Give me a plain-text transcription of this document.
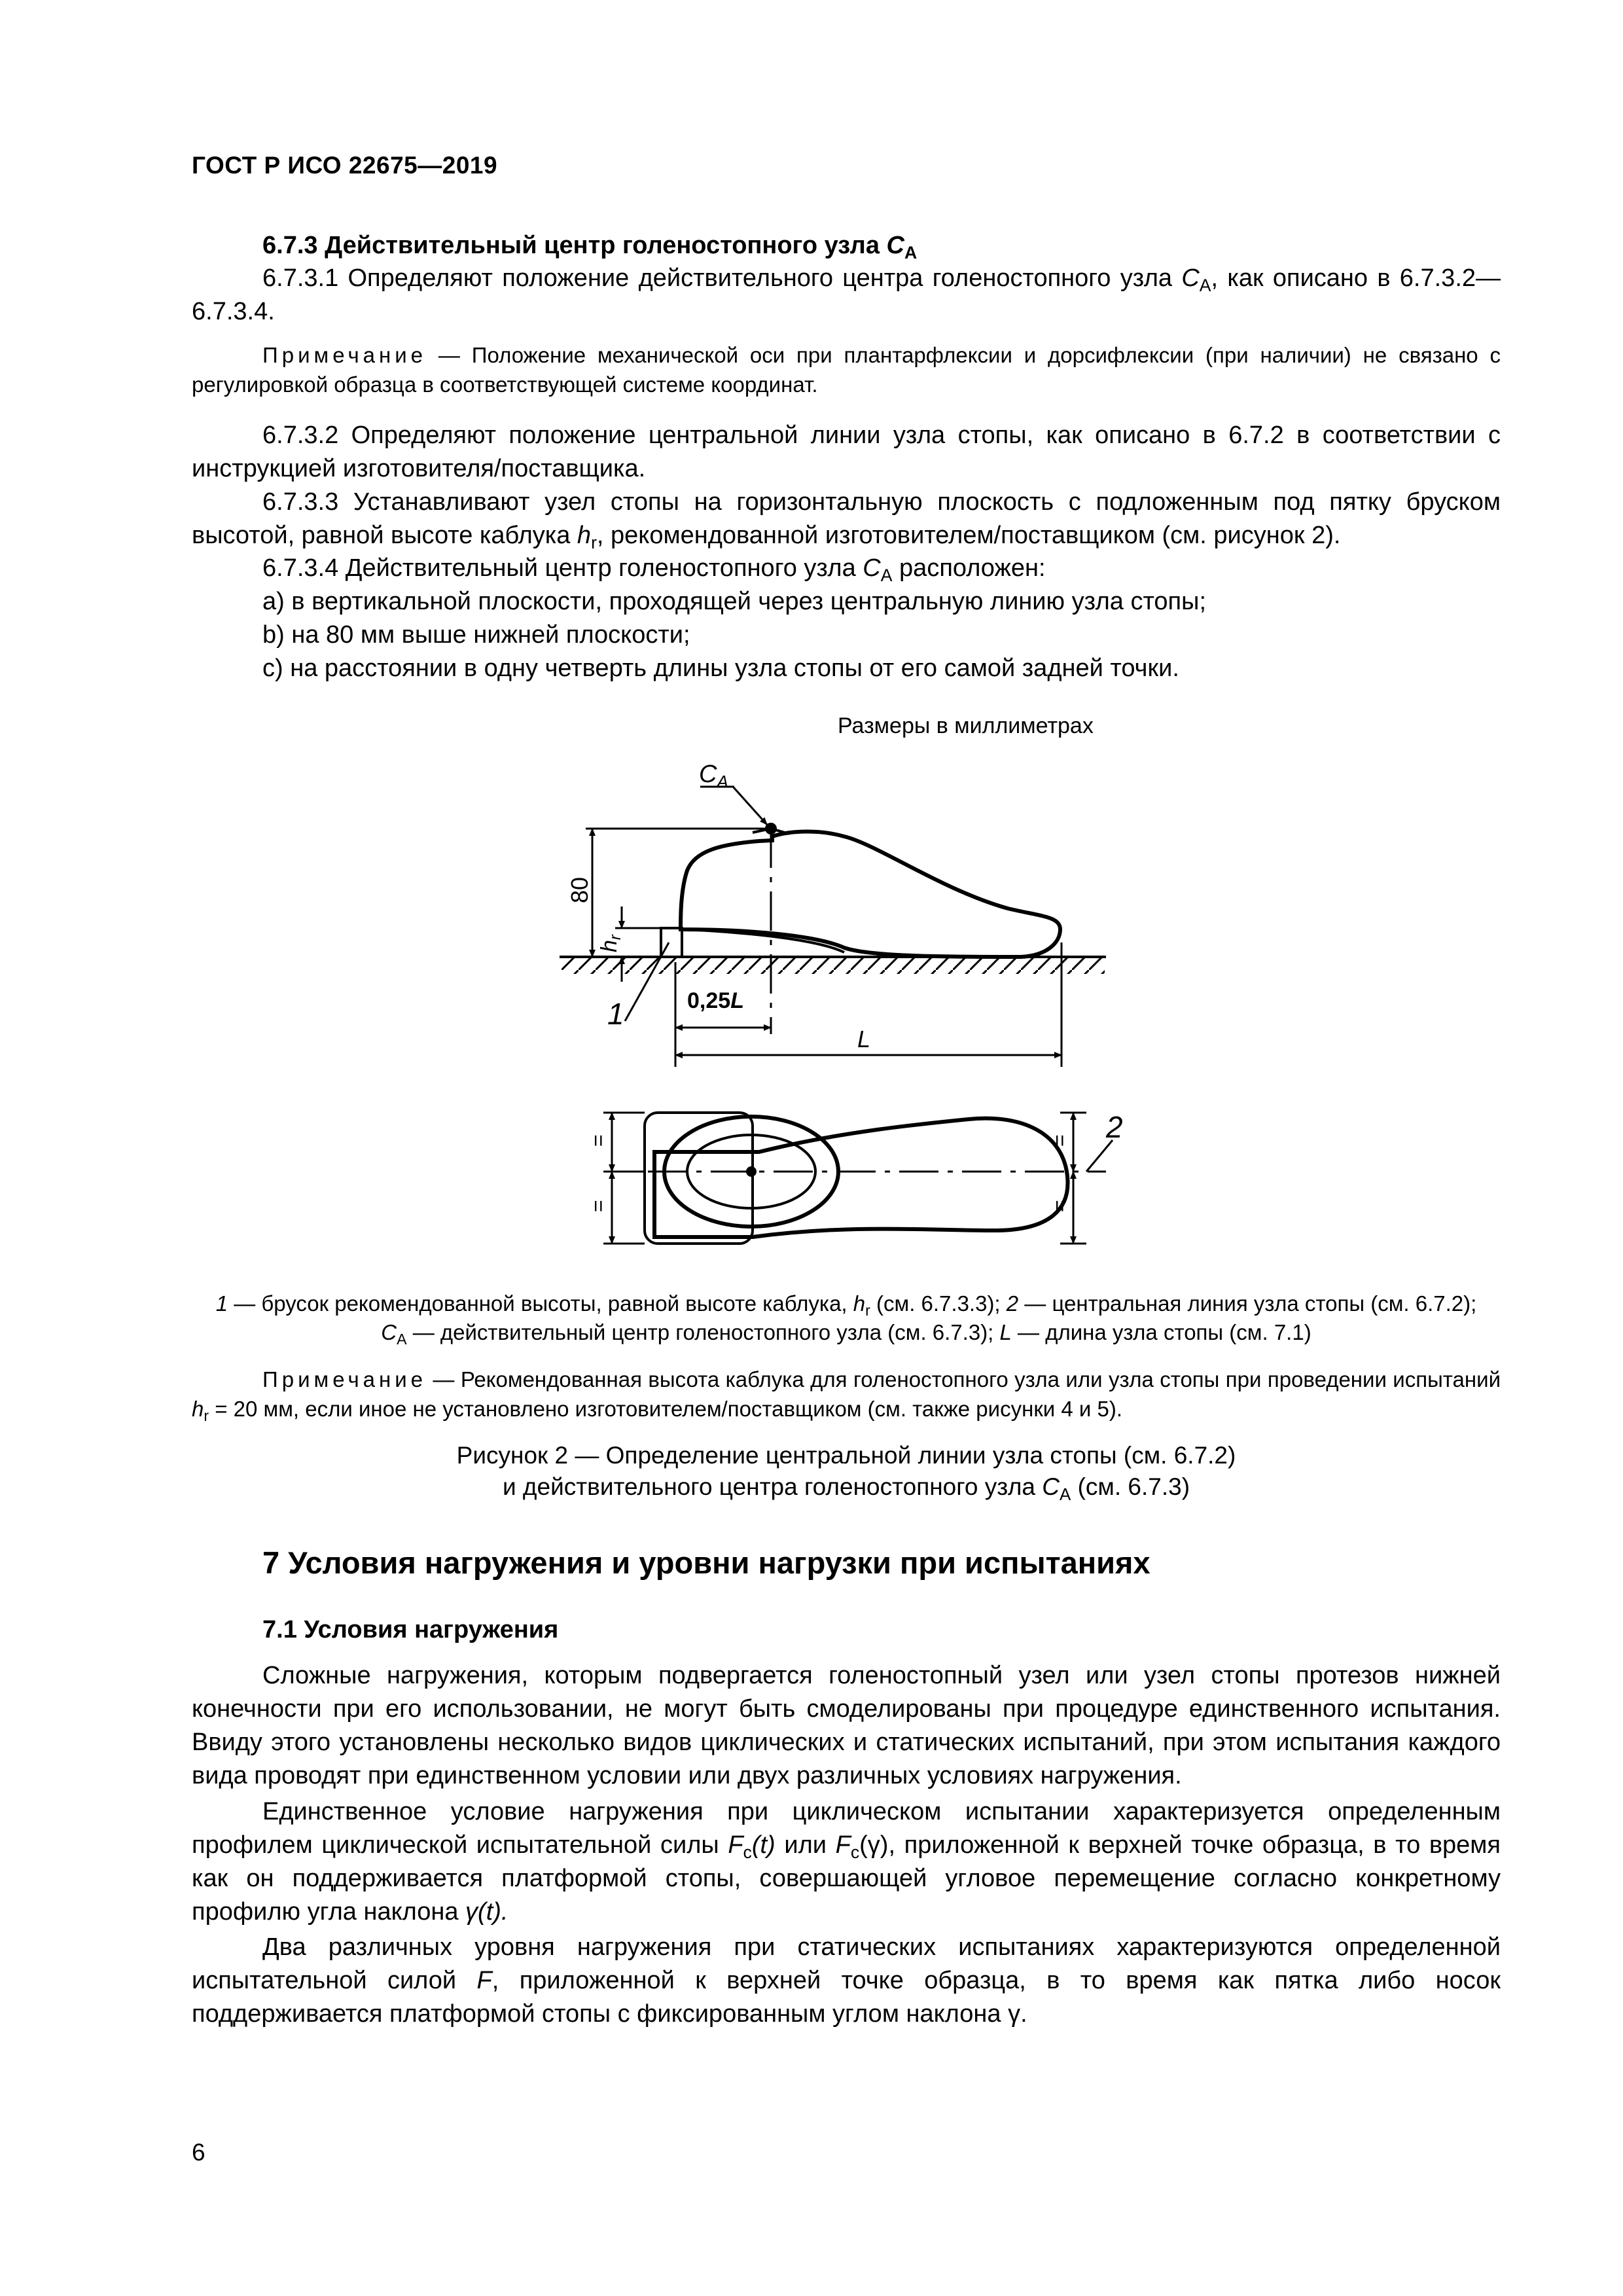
ГОСТ Р ИСО 22675—2019
6.7.3 Действительный центр голеностопного узла $C_A$
6.7.3.1 Определяют положение действительного центра голеностопного узла $C_A$, как описано в 6.7.3.2—6.7.3.4.
Примечание — Положение механической оси при плантарфлексии и дорсифлексии (при наличии) не связано с регулировкой образца в соответствующей системе координат.
6.7.3.2 Определяют положение центральной линии узла стопы, как описано в 6.7.2 в соответствии с инструкцией изготовителя/поставщика.
6.7.3.3 Устанавливают узел стопы на горизонтальную плоскость с подложенным под пятку бруском высотой, равной высоте каблука $h_r$, рекомендованной изготовителем/поставщиком (см. рисунок 2).
6.7.3.4 Действительный центр голеностопного узла $C_A$ расположен:
a) в вертикальной плоскости, проходящей через центральную линию узла стопы;
b) на 80 мм выше нижней плоскости;
c) на расстоянии в одну четверть длины узла стопы от его самой задней точки.
Размеры в миллиметрах
$C_A$
80
hr
1	0,25L
L
=
=
=
=
2
1 — брусок рекомендованной высоты, равной высоте каблука, $h_r$ (см. 6.7.3.3); 2 — центральная линия узла стопы (см. 6.7.2);
$C_A$ — действительный центр голеностопного узла (см. 6.7.3); L — длина узла стопы (см. 7.1)
Примечание — Рекомендованная высота каблука для голеностопного узла или узла стопы при проведении испытаний $h_r = 20$ мм, если иное не установлено изготовителем/поставщиком (см. также рисунки 4 и 5).
Рисунок 2 — Определение центральной линии узла стопы (см. 6.7.2)
и действительного центра голеностопного узла $C_A$ (см. 6.7.3)
7 Условия нагружения и уровни нагрузки при испытаниях
7.1 Условия нагружения
Сложные нагружения, которым подвергается голеностопный узел или узел стопы протезов нижней конечности при его использовании, не могут быть смоделированы при процедуре единственного испытания. Ввиду этого установлены несколько видов циклических и статических испытаний, при этом испытания каждого вида проводят при единственном условии или двух различных условиях нагружения.
Единственное условие нагружения при циклическом испытании характеризуется определенным профилем циклической испытательной силы $F_c(t)$ или $F_c(\gamma)$, приложенной к верхней точке образца, в то время как он поддерживается платформой стопы, совершающей угловое перемещение согласно конкретному профилю угла наклона γ(t).
Два различных уровня нагружения при статических испытаниях характеризуются определенной испытательной силой F, приложенной к верхней точке образца, в то время как пятка либо носок поддерживается платформой стопы с фиксированным углом наклона γ.
6
